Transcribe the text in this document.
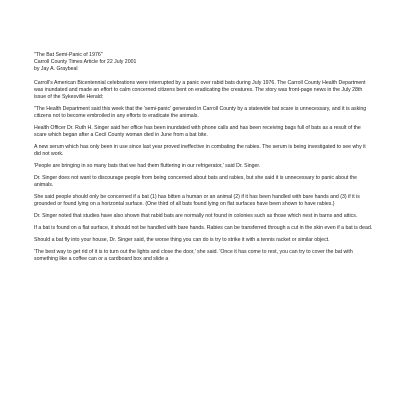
"The Bat Semi-Panic of 1976"

Carroll County Times Article for 22 July 2001

by Jay A. Graybeal

Carroll's American Bicentennial celebrations were interrupted by a panic over rabid bats during July 1976. The Carroll County Health Department was inundated and made an effort to calm concerned citizens bent on eradicating the creatures. The story was front-page news in the July 28th issue of the Sykesville Herald:

"The Health Department said this week that the 'semi-panic' generated in Carroll County by a statewide bat scare is unnecessary, and it is asking citizens not to become embroiled in any efforts to eradicate the animals.

Health Officer Dr. Ruth H. Singer said her office has been inundated with phone calls and has been receiving bags full of bats as a result of the scare which began after a Cecil County woman died in June from a bat bite.

A new serum which has only been in use since last year proved ineffective in combating the rabies. The serum is being investigated to see why it did not work.

'People are bringing in so many bats that we had them fluttering in our refrigerator,' said Dr. Singer.

Dr. Singer does not want to discourage people from being concerned about bats and rabies, but she said it is unnecessary to panic about the animals.

She said people should only be concerned if a bat (1) has bitten a human or an animal (2) if it has been handled with bare hands and (3) if it is grounded or found lying on a horizontal surface. (One third of all bats found lying on flat surfaces have been shown to have rabies.)

Dr. Singer noted that studies have also shown that rabid bats are normally not found in colonies such as those which nest in barns and attics.

If a bat is found on a flat surface, it should not be handled with bare hands. Rabies can be transferred through a cut in the skin even if a bat is dead.

Should a bat fly into your house, Dr. Singer said, the worse thing you can do is try to strike it with a tennis racket or similar object.

'The best way to get rid of it is to turn out the lights and close the door,' she said. 'Once it has come to rest, you can try to cover the bat with something like a coffee can or a cardboard box and slide a
